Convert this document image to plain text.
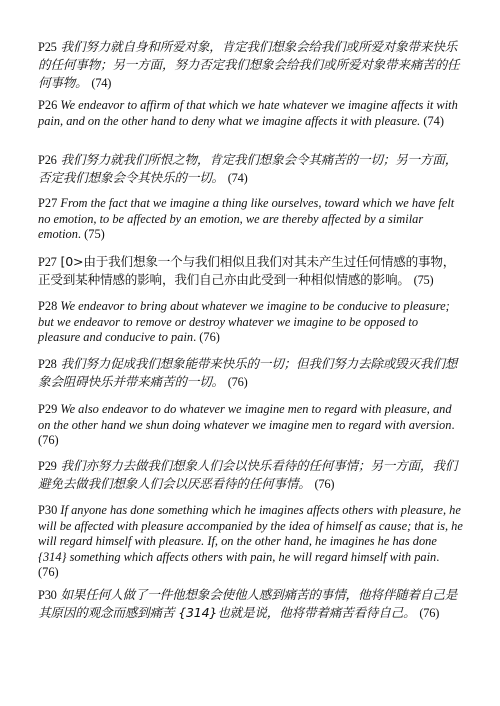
P25 我们努力就自身和所爱对象，肯定我们想象会给我们或所爱对象带来快乐的任何事物；另一方面，努力否定我们想象会给我们或所爱对象带来痛苦的任何事物。 (74)
P26 We endeavor to affirm of that which we hate whatever we imagine affects it with pain, and on the other hand to deny what we imagine affects it with pleasure. (74)
P26 我们努力就我们所恨之物，肯定我们想象会令其痛苦的一切；另一方面，否定我们想象会令其快乐的一切。 (74)
P27 From the fact that we imagine a thing like ourselves, toward which we have felt no emotion, to be affected by an emotion, we are thereby affected by a similar emotion. (75)
P27 [0>由于我们想象一个与我们相似且我们对其未产生过任何情感的事物，正受到某种情感的影响，我们自己亦由此受到一种相似情感的影响。 (75)
P28 We endeavor to bring about whatever we imagine to be conducive to pleasure; but we endeavor to remove or destroy whatever we imagine to be opposed to pleasure and conducive to pain. (76)
P28 我们努力促成我们想象能带来快乐的一切；但我们努力去除或毁灭我们想象会阻碍快乐并带来痛苦的一切。 (76)
P29 We also endeavor to do whatever we imagine men to regard with pleasure, and on the other hand we shun doing whatever we imagine men to regard with aversion. (76)
P29 我们亦努力去做我们想象人们会以快乐看待的任何事情；另一方面，我们避免去做我们想象人们会以厌恶看待的任何事情。 (76)
P30 If anyone has done something which he imagines affects others with pleasure, he will be affected with pleasure accompanied by the idea of himself as cause; that is, he will regard himself with pleasure. If, on the other hand, he imagines he has done {314} something which affects others with pain, he will regard himself with pain. (76)
P30 如果任何人做了一件他想象会使他人感到痛苦的事情，他将伴随着自己是其原因的观念而感到痛苦 {314}也就是说，他将带着痛苦看待自己。 (76)
